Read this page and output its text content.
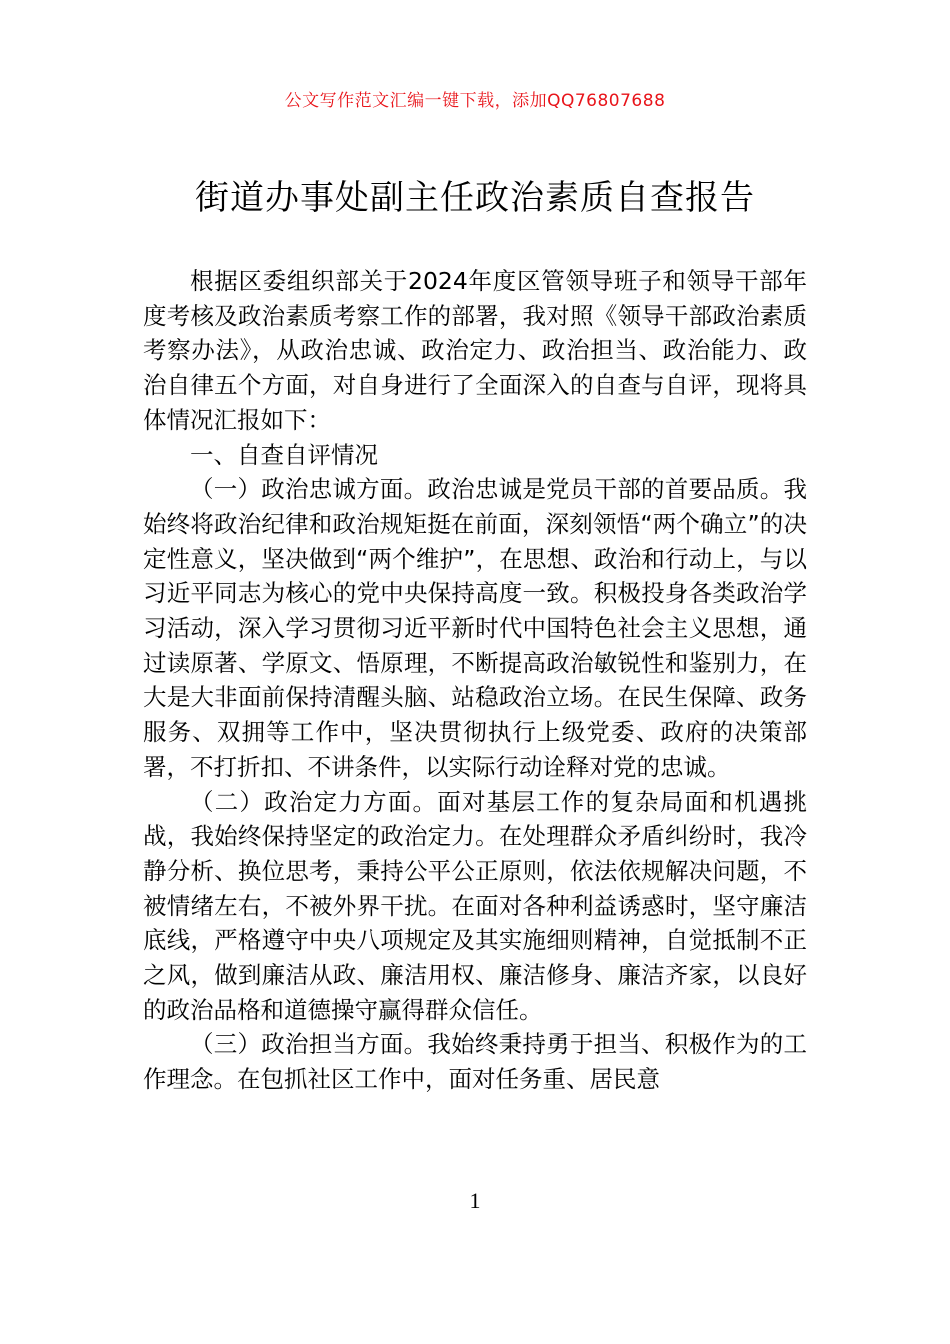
公文写作范文汇编一键下载，添加QQ76807688
街道办事处副主任政治素质自查报告

根据区委组织部关于2024年度区管领导班子和领导干部年度考核及政治素质考察工作的部署，我对照《领导干部政治素质考察办法》，从政治忠诚、政治定力、政治担当、政治能力、政治自律五个方面，对自身进行了全面深入的自查与自评，现将具体情况汇报如下：

一、自查自评情况

（一）政治忠诚方面。政治忠诚是党员干部的首要品质。我始终将政治纪律和政治规矩挺在前面，深刻领悟“两个确立”的决定性意义，坚决做到“两个维护”，在思想、政治和行动上，与以习近平同志为核心的党中央保持高度一致。积极投身各类政治学习活动，深入学习贯彻习近平新时代中国特色社会主义思想，通过读原著、学原文、悟原理，不断提高政治敏锐性和鉴别力，在大是大非面前保持清醒头脑、站稳政治立场。在民生保障、政务服务、双拥等工作中，坚决贯彻执行上级党委、政府的决策部署，不打折扣、不讲条件，以实际行动诠释对党的忠诚。

（二）政治定力方面。面对基层工作的复杂局面和机遇挑战，我始终保持坚定的政治定力。在处理群众矛盾纠纷时，我冷静分析、换位思考，秉持公平公正原则，依法依规解决问题，不被情绪左右，不被外界干扰。在面对各种利益诱惑时，坚守廉洁底线，严格遵守中央八项规定及其实施细则精神，自觉抵制不正之风，做到廉洁从政、廉洁用权、廉洁修身、廉洁齐家，以良好的政治品格和道德操守赢得群众信任。

（三）政治担当方面。我始终秉持勇于担当、积极作为的工作理念。在包抓社区工作中，面对任务重、居民意

1
